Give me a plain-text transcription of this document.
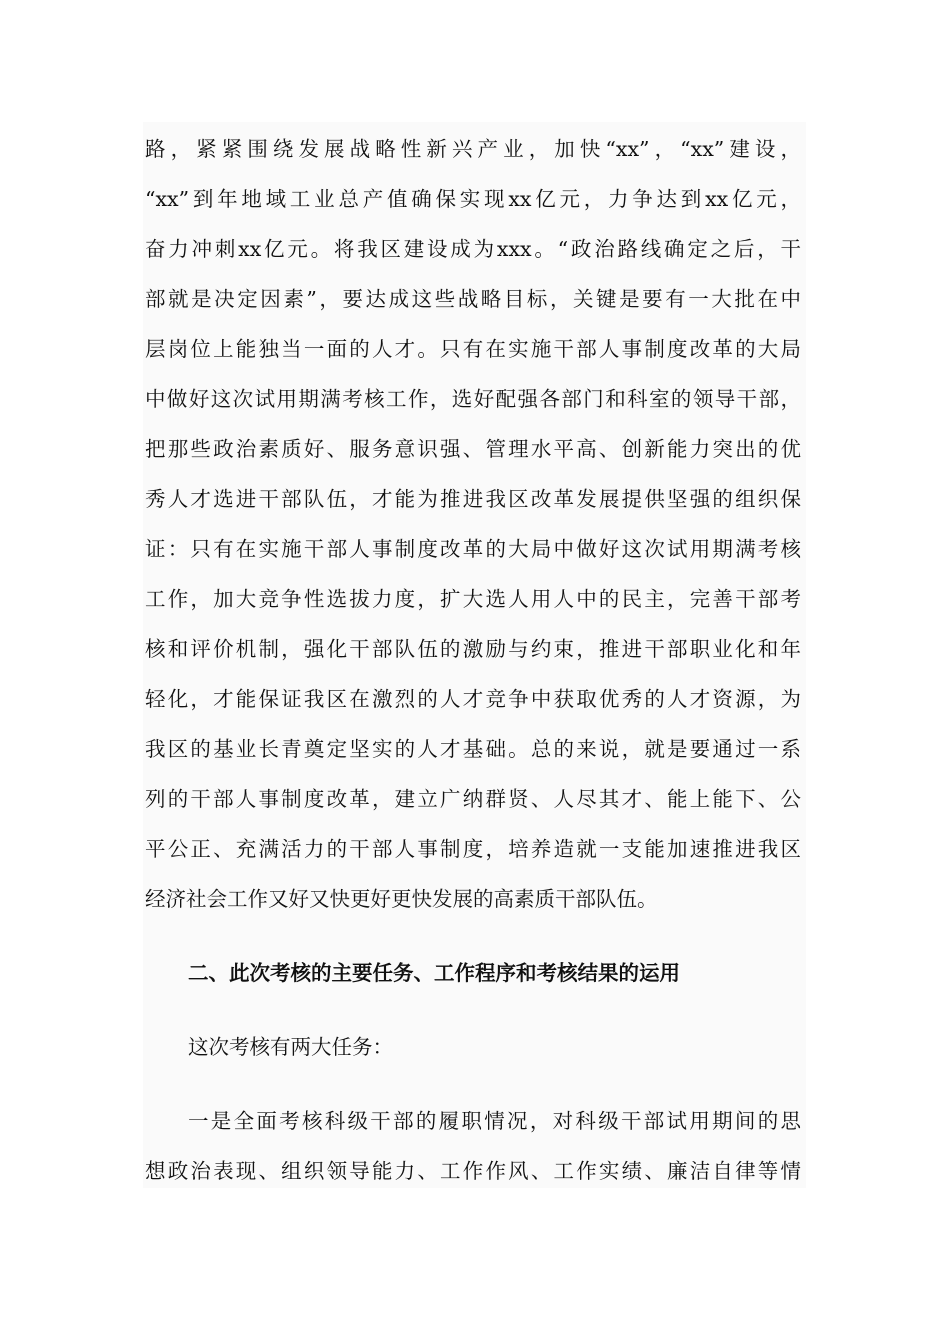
路，紧紧围绕发展战略性新兴产业，加快“xx”，“xx”建设，
“xx”到年地域工业总产值确保实现xx亿元，力争达到xx亿元，
奋力冲刺xx亿元。将我区建设成为xxx。“政治路线确定之后，干
部就是决定因素”，要达成这些战略目标，关键是要有一大批在中
层岗位上能独当一面的人才。只有在实施干部人事制度改革的大局
中做好这次试用期满考核工作，选好配强各部门和科室的领导干部，
把那些政治素质好、服务意识强、管理水平高、创新能力突出的优
秀人才选进干部队伍，才能为推进我区改革发展提供坚强的组织保
证：只有在实施干部人事制度改革的大局中做好这次试用期满考核
工作，加大竞争性选拔力度，扩大选人用人中的民主，完善干部考
核和评价机制，强化干部队伍的激励与约束，推进干部职业化和年
轻化，才能保证我区在激烈的人才竞争中获取优秀的人才资源，为
我区的基业长青奠定坚实的人才基础。总的来说，就是要通过一系
列的干部人事制度改革，建立广纳群贤、人尽其才、能上能下、公
平公正、充满活力的干部人事制度，培养造就一支能加速推进我区
经济社会工作又好又快更好更快发展的高素质干部队伍。
二、此次考核的主要任务、工作程序和考核结果的运用
这次考核有两大任务：
一是全面考核科级干部的履职情况，对科级干部试用期间的思
想政治表现、组织领导能力、工作作风、工作实绩、廉洁自律等情
